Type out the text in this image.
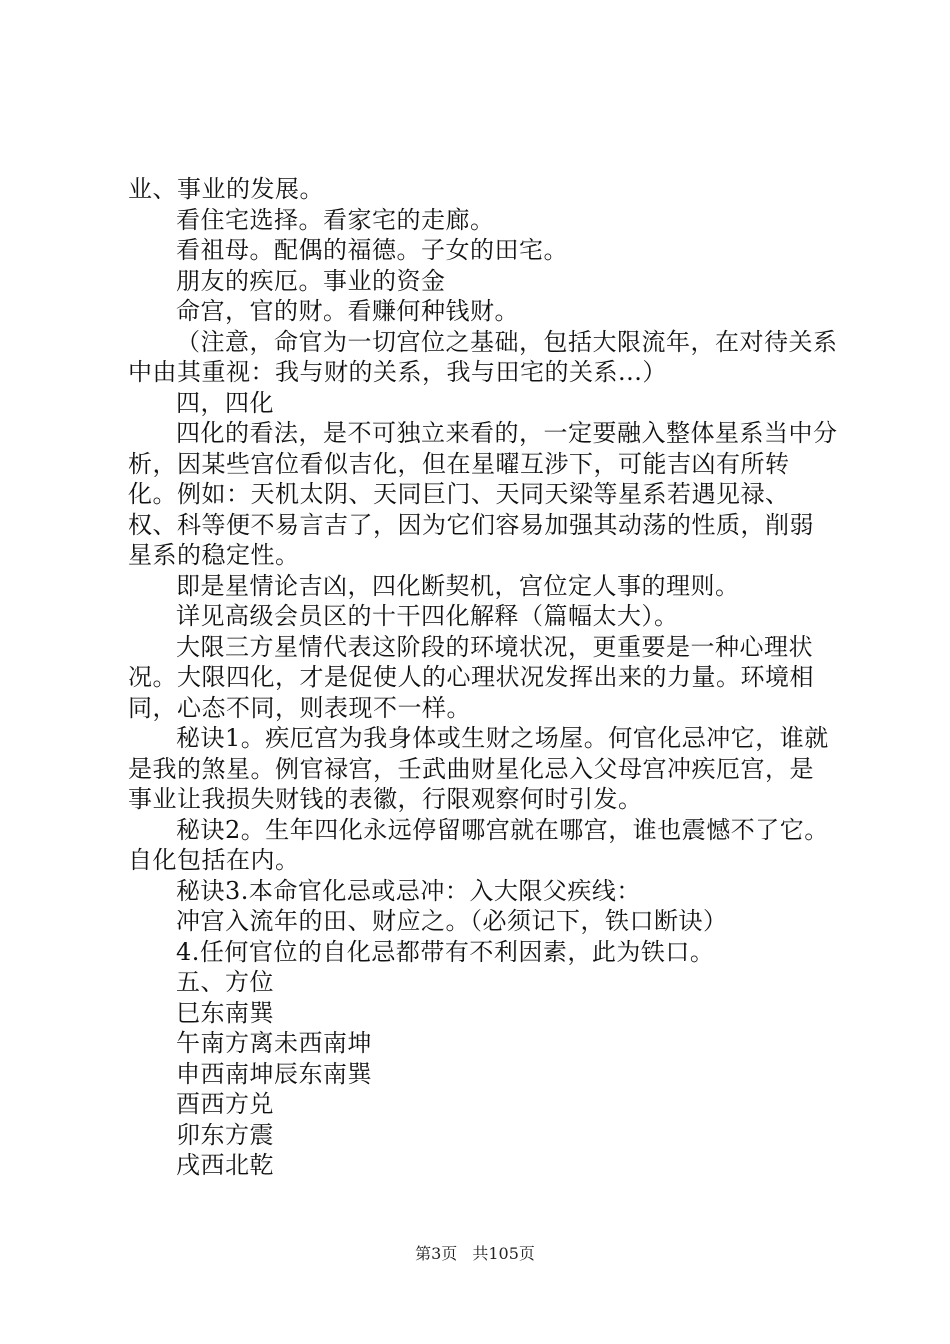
业、事业的发展。

看住宅选择。看家宅的走廊。

看祖母。配偶的福德。子女的田宅。

朋友的疾厄。事业的资金

命宫，官的财。看赚何种钱财。

（注意，命官为一切宫位之基础，包括大限流年，在对待关系中由其重视：我与财的关系，我与田宅的关系...）

四，四化

四化的看法，是不可独立来看的，一定要融入整体星系当中分析，因某些宫位看似吉化，但在星曜互涉下，可能吉凶有所转化。例如：天机太阴、天同巨门、天同天梁等星系若遇见禄、权、科等便不易言吉了，因为它们容易加强其动荡的性质，削弱星系的稳定性。

即是星情论吉凶，四化断契机，宫位定人事的理则。

详见高级会员区的十干四化解释（篇幅太大）。

大限三方星情代表这阶段的环境状况，更重要是一种心理状况。大限四化，才是促使人的心理状况发挥出来的力量。环境相同，心态不同，则表现不一样。

秘诀1。疾厄宫为我身体或生财之场屋。何官化忌冲它，谁就是我的煞星。例官禄宫，壬武曲财星化忌入父母宫冲疾厄宫，是事业让我损失财钱的表徽，行限观察何时引发。

秘诀2。生年四化永远停留哪宫就在哪宫，谁也震憾不了它。自化包括在内。

秘诀3.本命官化忌或忌冲：入大限父疾线：

冲宫入流年的田、财应之。（必须记下，铁口断诀）

4.任何官位的自化忌都带有不利因素，此为铁口。

五、方位

巳东南巽

午南方离未西南坤

申西南坤辰东南巽

酉西方兑

卯东方震

戌西北乾

第3页 共105页
